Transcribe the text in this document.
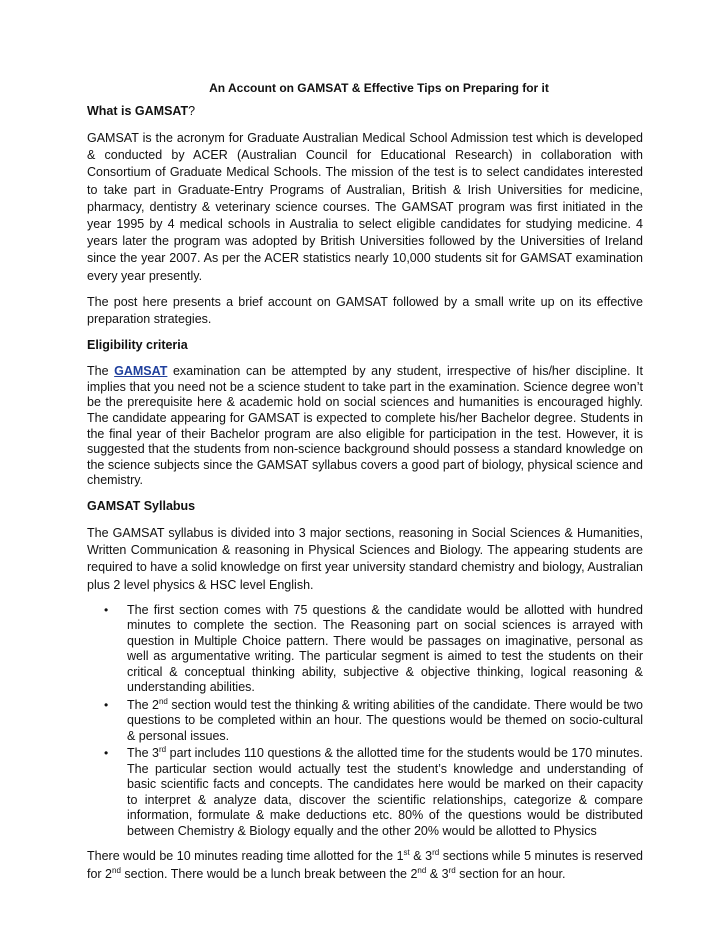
An Account on GAMSAT & Effective Tips on Preparing for it
What is GAMSAT?

GAMSAT is the acronym for Graduate Australian Medical School Admission test which is developed & conducted by ACER (Australian Council for Educational Research) in collaboration with Consortium of Graduate Medical Schools. The mission of the test is to select candidates interested to take part in Graduate-Entry Programs of Australian, British & Irish Universities for medicine, pharmacy, dentistry & veterinary science courses. The GAMSAT program was first initiated in the year 1995 by 4 medical schools in Australia to select eligible candidates for studying medicine. 4 years later the program was adopted by British Universities followed by the Universities of Ireland since the year 2007. As per the ACER statistics nearly 10,000 students sit for GAMSAT examination every year presently.

The post here presents a brief account on GAMSAT followed by a small write up on its effective preparation strategies.

Eligibility criteria

The GAMSAT examination can be attempted by any student, irrespective of his/her discipline. It implies that you need not be a science student to take part in the examination. Science degree won’t be the prerequisite here & academic hold on social sciences and humanities is encouraged highly. The candidate appearing for GAMSAT is expected to complete his/her Bachelor degree. Students in the final year of their Bachelor program are also eligible for participation in the test. However, it is suggested that the students from non-science background should possess a standard knowledge on the science subjects since the GAMSAT syllabus covers a good part of biology, physical science and chemistry.

GAMSAT Syllabus

The GAMSAT syllabus is divided into 3 major sections, reasoning in Social Sciences & Humanities, Written Communication & reasoning in Physical Sciences and Biology. The appearing students are required to have a solid knowledge on first year university standard chemistry and biology, Australian plus 2 level physics & HSC level English.

• The first section comes with 75 questions & the candidate would be allotted with hundred minutes to complete the section. The Reasoning part on social sciences is arrayed with question in Multiple Choice pattern. There would be passages on imaginative, personal as well as argumentative writing. The particular segment is aimed to test the students on their critical & conceptual thinking ability, subjective & objective thinking, logical reasoning & understanding abilities.
• The 2nd section would test the thinking & writing abilities of the candidate. There would be two questions to be completed within an hour. The questions would be themed on socio-cultural & personal issues.
• The 3rd part includes 110 questions & the allotted time for the students would be 170 minutes. The particular section would actually test the student’s knowledge and understanding of basic scientific facts and concepts. The candidates here would be marked on their capacity to interpret & analyze data, discover the scientific relationships, categorize & compare information, formulate & make deductions etc. 80% of the questions would be distributed between Chemistry & Biology equally and the other 20% would be allotted to Physics

There would be 10 minutes reading time allotted for the 1st & 3rd sections while 5 minutes is reserved for 2nd section. There would be a lunch break between the 2nd & 3rd section for an hour.
